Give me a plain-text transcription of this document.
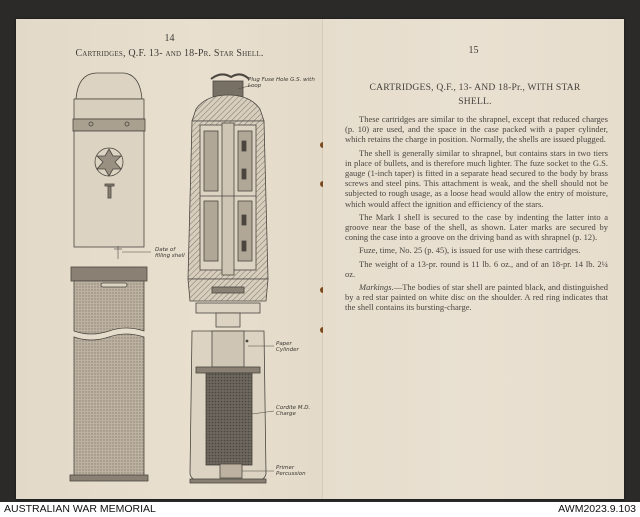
14
Cartridges, Q.F. 13- and 18-Pr. Star Shell.
Plug Fuse Hole G.S. with Loop
Date of filling shell
Paper Cylinder
Cordite M.D. Charge
Primer Percussion
15
CARTRIDGES, Q.F., 13- AND 18-Pr., WITH STAR
SHELL.

These cartridges are similar to the shrapnel, except that reduced charges (p. 10) are used, and the space in the case packed with a paper cylinder, which retains the charge in position. Normally, the shells are issued plugged.

The shell is generally similar to shrapnel, but contains stars in two tiers in place of bullets, and is therefore much lighter. The fuze socket to the G.S. gauge (1-inch taper) is fitted in a separate head secured to the body by brass screws and steel pins. This attachment is weak, and the shell should not be subjected to rough usage, as a loose head would allow the entry of moisture, which would affect the ignition and efficiency of the stars.

The Mark I shell is secured to the case by indenting the latter into a groove near the base of the shell, as shown. Later marks are secured by coning the case into a groove on the driving band as with shrapnel (p. 12).

Fuze, time, No. 25 (p. 45), is issued for use with these cartridges.

The weight of a 13-pr. round is 11 lb. 6 oz., and of an 18-pr. 14 lb. 2¼ oz.

Markings.—The bodies of star shell are painted black, and distinguished by a red star painted on white disc on the shoulder. A red ring indicates that the shell contains its bursting-charge.

AUSTRALIAN WAR MEMORIAL	AWM2023.9.103
